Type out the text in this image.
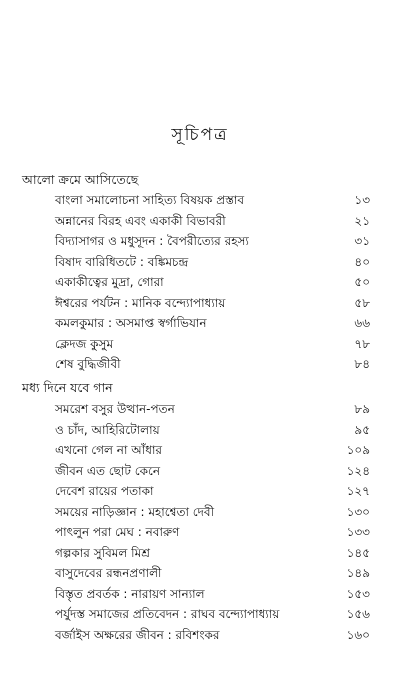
সূচিপত্র
আলো ক্রমে আসিতেছে
বাংলা সমালোচনা সাহিত্য বিষয়ক প্রস্তাব	১৩
অন্নানের বিরহ এবং একাকী বিভাবরী	২১
বিদ্যাসাগর ও মধুসূদন : বৈপরীত্যের রহস্য	৩১
বিষাদ বারিধিতটে : বঙ্কিমচন্দ্র	৪০
একাকীত্বের মুদ্রা, গোরা	৫০
ঈশ্বরের পর্যটন : মানিক বন্দ্যোপাধ্যায়	৫৮
কমলকুমার : অসমাপ্ত স্বর্গাভিযান	৬৬
ক্লেদজ কুসুম	৭৮
শেষ বুদ্ধিজীবী	৮৪
মধ্য দিনে যবে গান
সমরেশ বসুর উত্থান-পতন	৮৯
ও চাঁদ, আহিরিটোলায়	৯৫
এখনো গেল না আঁধার	১০৯
জীবন এত ছোট কেনে	১২৪
দেবেশ রায়ের পতাকা	১২৭
সময়ের নাড়িজ্ঞান : মহাশ্বেতা দেবী	১৩০
পাৎলুন পরা মেঘ : নবারুণ	১৩৩
গল্পকার সুবিমল মিশ্র	১৪৫
বাসুদেবের রন্ধনপ্রণালী	১৪৯
বিস্তৃত প্রবর্তক : নারায়ণ সান্যাল	১৫৩
পর্যুদস্ত সমাজের প্রতিবেদন : রাঘব বন্দ্যোপাধ্যায়	১৫৬
বর্জাইস অক্ষরের জীবন : রবিশংকর	১৬০
